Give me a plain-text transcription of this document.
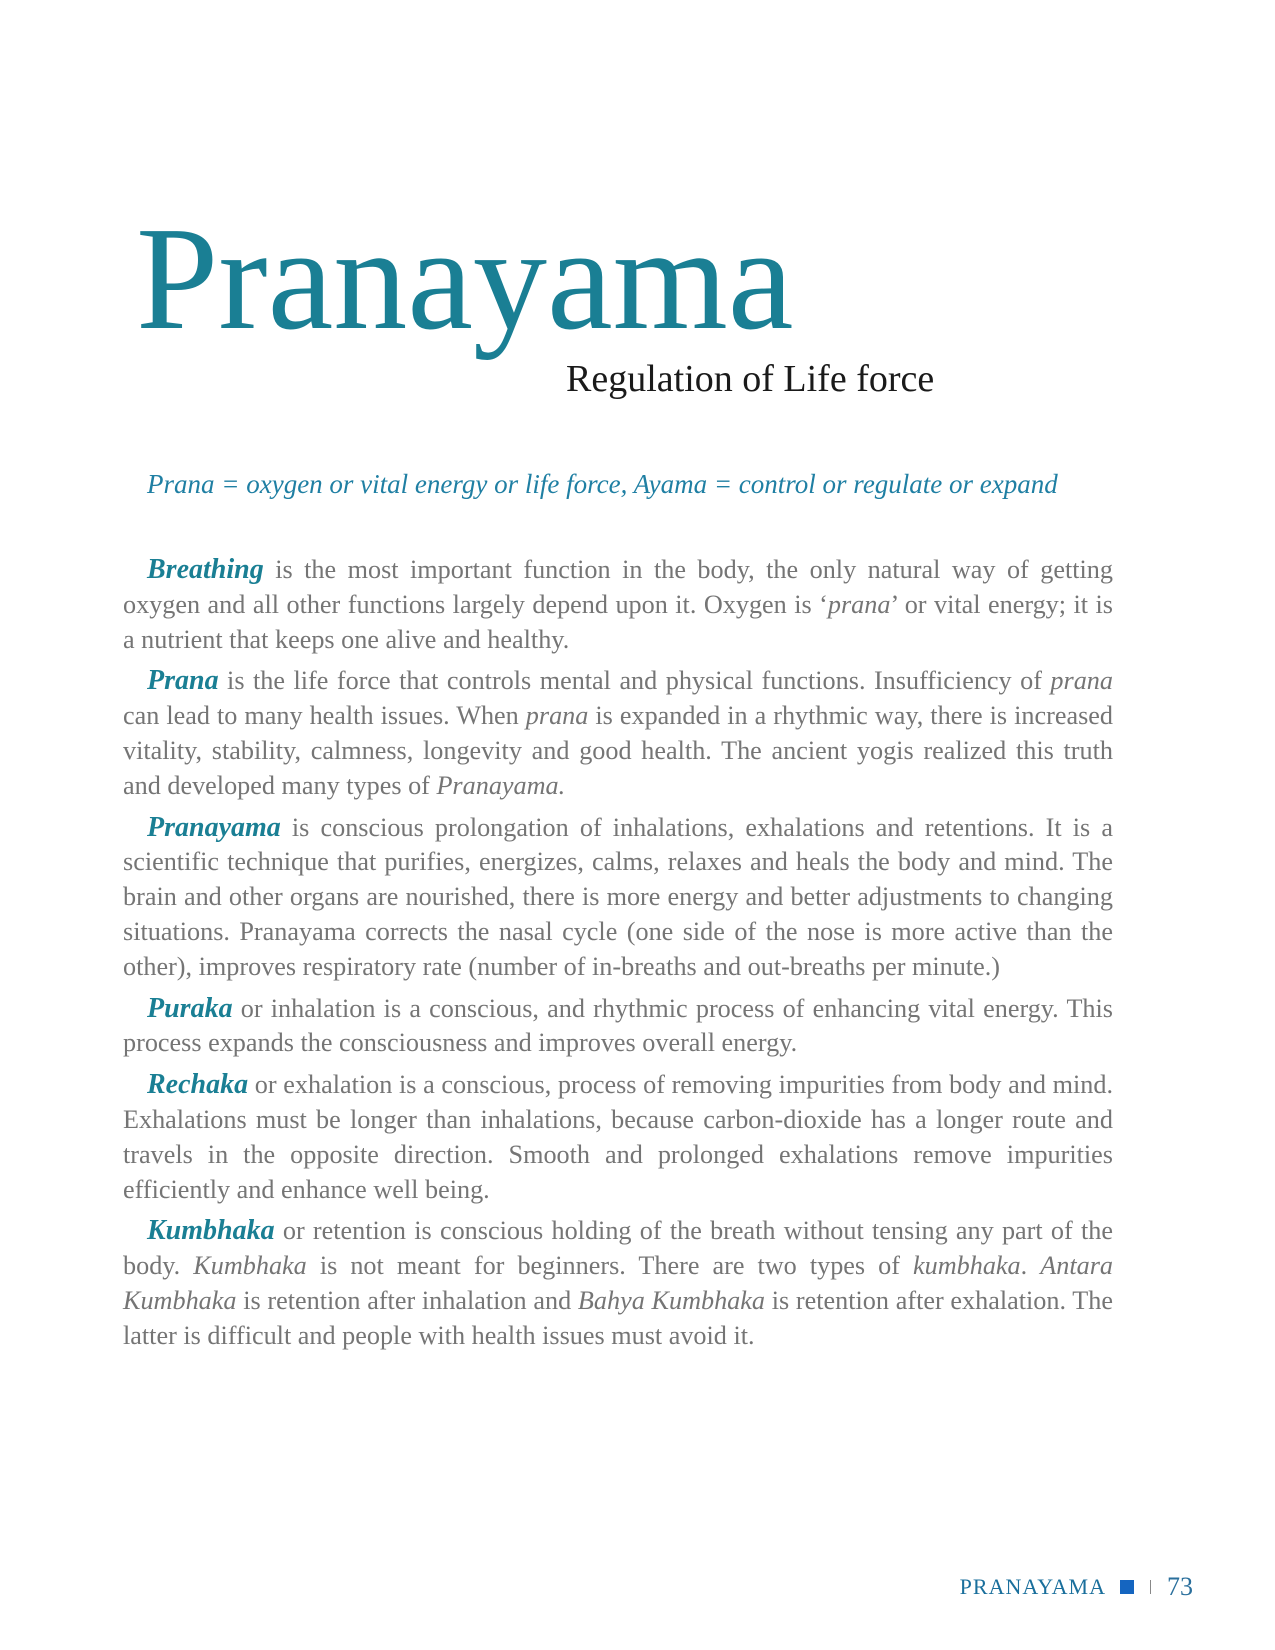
Pranayama
Regulation of Life force

Prana = oxygen or vital energy or life force, Ayama = control or regulate or expand

Breathing is the most important function in the body, the only natural way of getting oxygen and all other functions largely depend upon it. Oxygen is ‘prana’ or vital energy; it is a nutrient that keeps one alive and healthy.

Prana is the life force that controls mental and physical functions. Insufficiency of prana can lead to many health issues. When prana is expanded in a rhythmic way, there is increased vitality, stability, calmness, longevity and good health. The ancient yogis realized this truth and developed many types of Pranayama.

Pranayama is conscious prolongation of inhalations, exhalations and retentions. It is a scientific technique that purifies, energizes, calms, relaxes and heals the body and mind. The brain and other organs are nourished, there is more energy and better adjustments to changing situations. Pranayama corrects the nasal cycle (one side of the nose is more active than the other), improves respiratory rate (number of in-breaths and out-breaths per minute.)

Puraka or inhalation is a conscious, and rhythmic process of enhancing vital energy. This process expands the consciousness and improves overall energy.

Rechaka or exhalation is a conscious, process of removing impurities from body and mind. Exhalations must be longer than inhalations, because carbon-dioxide has a longer route and travels in the opposite direction. Smooth and prolonged exhalations remove impurities efficiently and enhance well being.

Kumbhaka or retention is conscious holding of the breath without tensing any part of the body. Kumbhaka is not meant for beginners. There are two types of kumbhaka. Antara Kumbhaka is retention after inhalation and Bahya Kumbhaka is retention after exhalation. The latter is difficult and people with health issues must avoid it.

PRANAYAMA 73
